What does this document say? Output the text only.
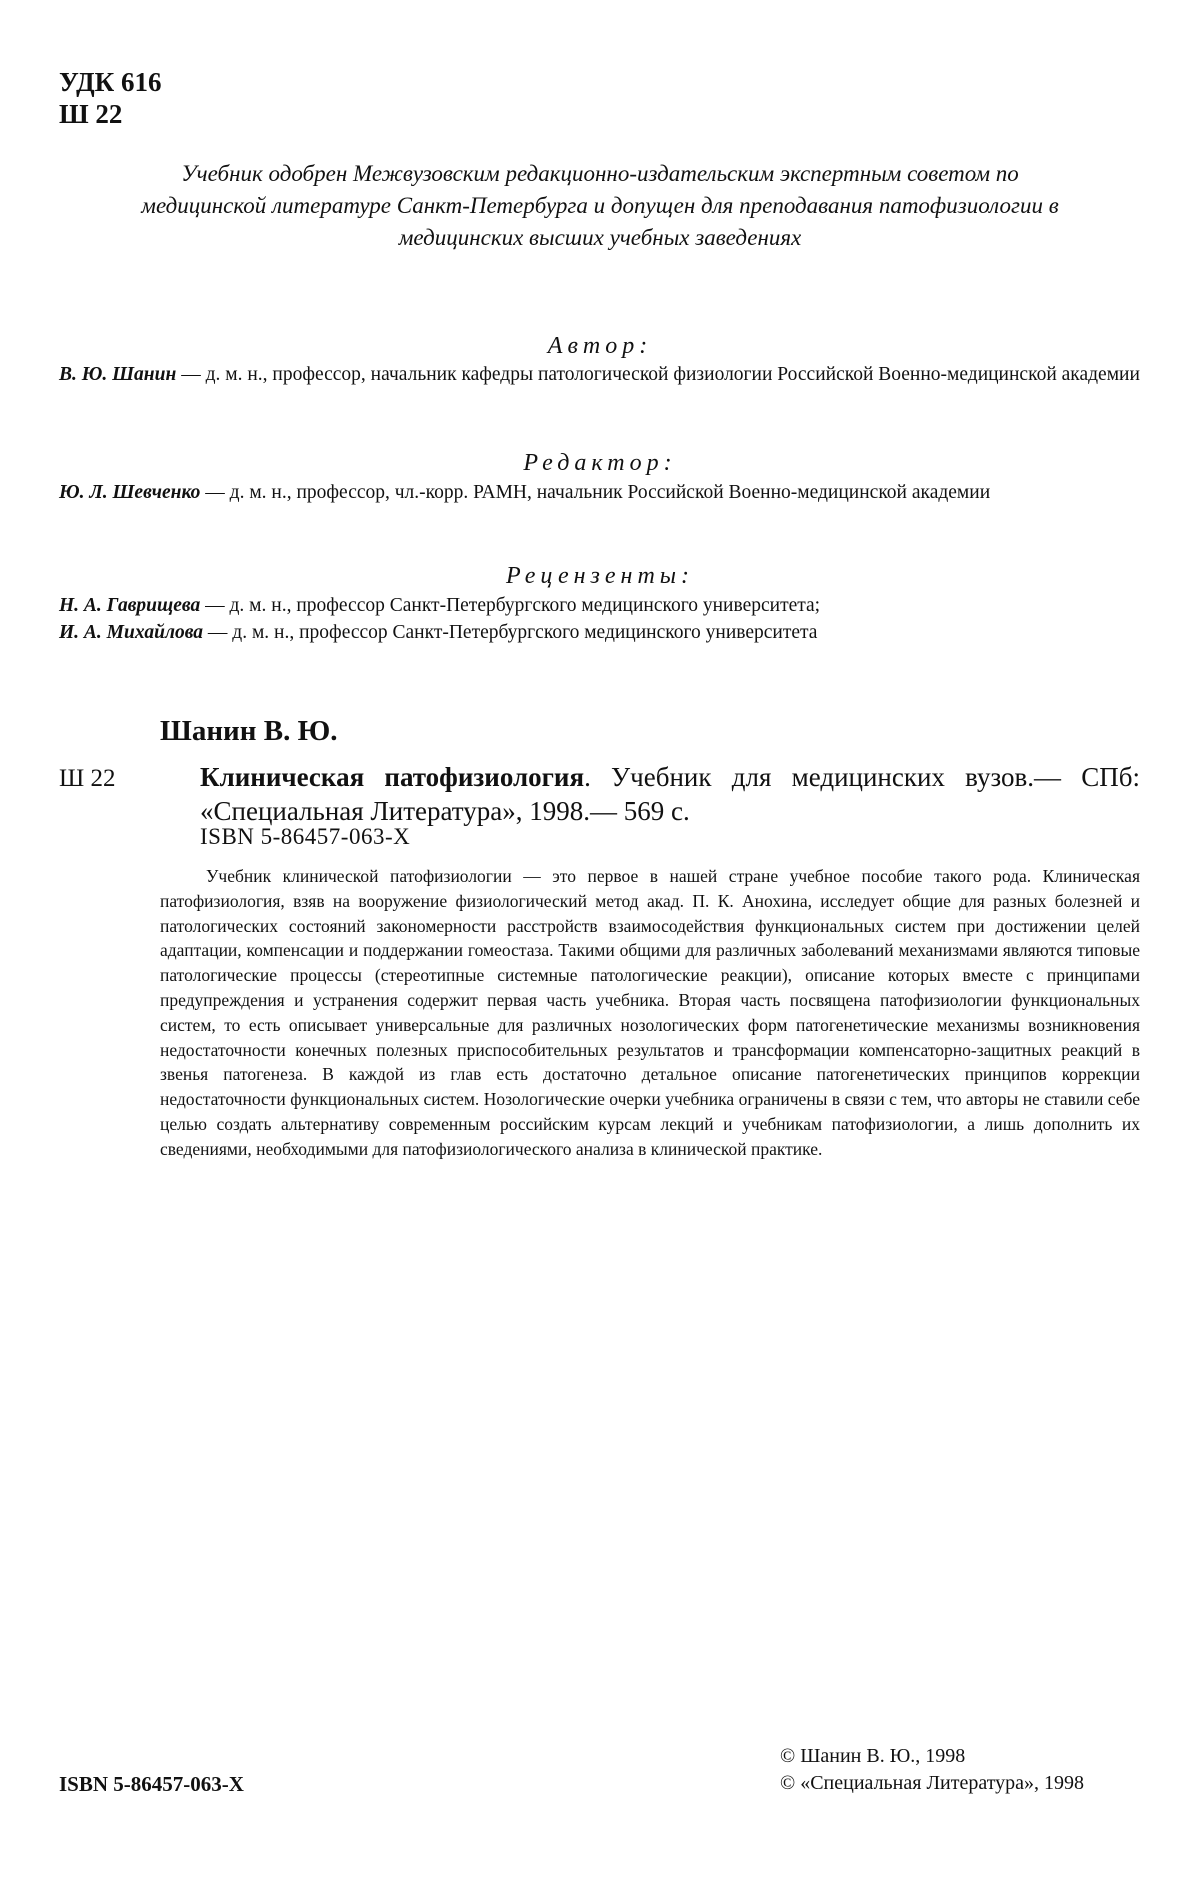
УДК 616
Ш 22
Учебник одобрен Межвузовским редакционно-издательским экспертным советом по медицинской литературе Санкт-Петербурга и допущен для преподавания патофизиологии в медицинских высших учебных заведениях
Автор:
В. Ю. Шанин — д. м. н., профессор, начальник кафедры патологической физиологии Российской Военно-медицинской академии
Редактор:
Ю. Л. Шевченко — д. м. н., профессор, чл.-корр. РАМН, начальник Российской Военно-медицинской академии
Рецензенты:
Н. А. Гаврищева — д. м. н., профессор Санкт-Петербургского медицинского университета;
И. А. Михайлова — д. м. н., профессор Санкт-Петербургского медицинского университета
Шанин В. Ю.
Ш 22	Клиническая патофизиология. Учебник для медицинских вузов.— СПб: «Специальная Литература», 1998.— 569 с.
ISBN 5-86457-063-X
Учебник клинической патофизиологии — это первое в нашей стране учебное пособие такого рода. Клиническая патофизиология, взяв на вооружение физиологический метод акад. П. К. Анохина, исследует общие для разных болезней и патологических состояний закономерности расстройств взаимосодействия функциональных систем при достижении целей адаптации, компенсации и поддержании гомеостаза. Такими общими для различных заболеваний механизмами являются типовые патологические процессы (стереотипные системные патологические реакции), описание которых вместе с принципами предупреждения и устранения содержит первая часть учебника. Вторая часть посвящена патофизиологии функциональных систем, то есть описывает универсальные для различных нозологических форм патогенетические механизмы возникновения недостаточности конечных полезных приспособительных результатов и трансформации компенсаторно-защитных реакций в звенья патогенеза. В каждой из глав есть достаточно детальное описание патогенетических принципов коррекции недостаточности функциональных систем. Нозологические очерки учебника ограничены в связи с тем, что авторы не ставили себе целью создать альтернативу современным российским курсам лекций и учебникам патофизиологии, а лишь дополнить их сведениями, необходимыми для патофизиологического анализа в клинической практике.
ISBN 5-86457-063-X
© Шанин В. Ю., 1998
© «Специальная Литература», 1998
